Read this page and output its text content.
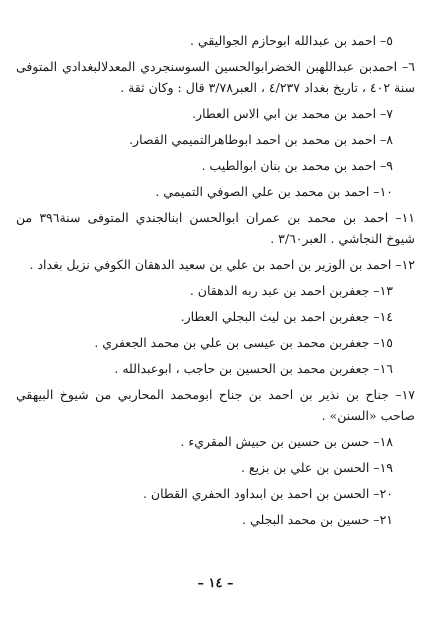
٥– احمد بن عبدالله ابوحازم الجواليقي .

٦– احمدبن عبداللهبن الخضرابوالحسين السوسنجردي المعدلالبغدادي المتوفى سنة ٤٠٢ ، تاريخ بغداد ٤/٢٣٧ ، العبر٣/٧٨ قال : وكان ثقة .

٧– احمد بن محمد بن ابي الاس العطار.

٨– احمد بن محمد بن احمد ابوطاهرالتميمي القصار.

٩– احمد بن محمد بن بنان ابوالطيب .

١٠– احمد بن محمد بن علي الصوفي التميمي .

١١– احمد بن محمد بن عمران ابوالحسن ابنالجندي المتوفى سنة٣٩٦ من شيوخ النجاشي . العبر٣/٦٠ .

١٢– احمد بن الوزير بن احمد بن علي بن سعيد الدهقان الكوفي نزيل بغداد .

١٣– جعفربن احمد بن عبد ربه الدهقان .

١٤– جعفربن احمد بن ليث البجلي العطار.

١٥– جعفربن محمد بن عيسى بن علي بن محمد الجعفري .

١٦– جعفربن محمد بن الحسين بن حاجب ، ابوعبدالله .

١٧– جناح بن نذير بن احمد بن جناح ابومحمد المحاربي من شيوخ البيهقي صاحب «السنن» .

١٨– حسن بن حسين بن حبيش المقريء .

١٩– الحسن بن علي بن بزيع .

٢٠– الحسن بن احمد بن ابىداود الحفري القطان .

٢١– حسين بن محمد البجلي .

– ١٤ –
